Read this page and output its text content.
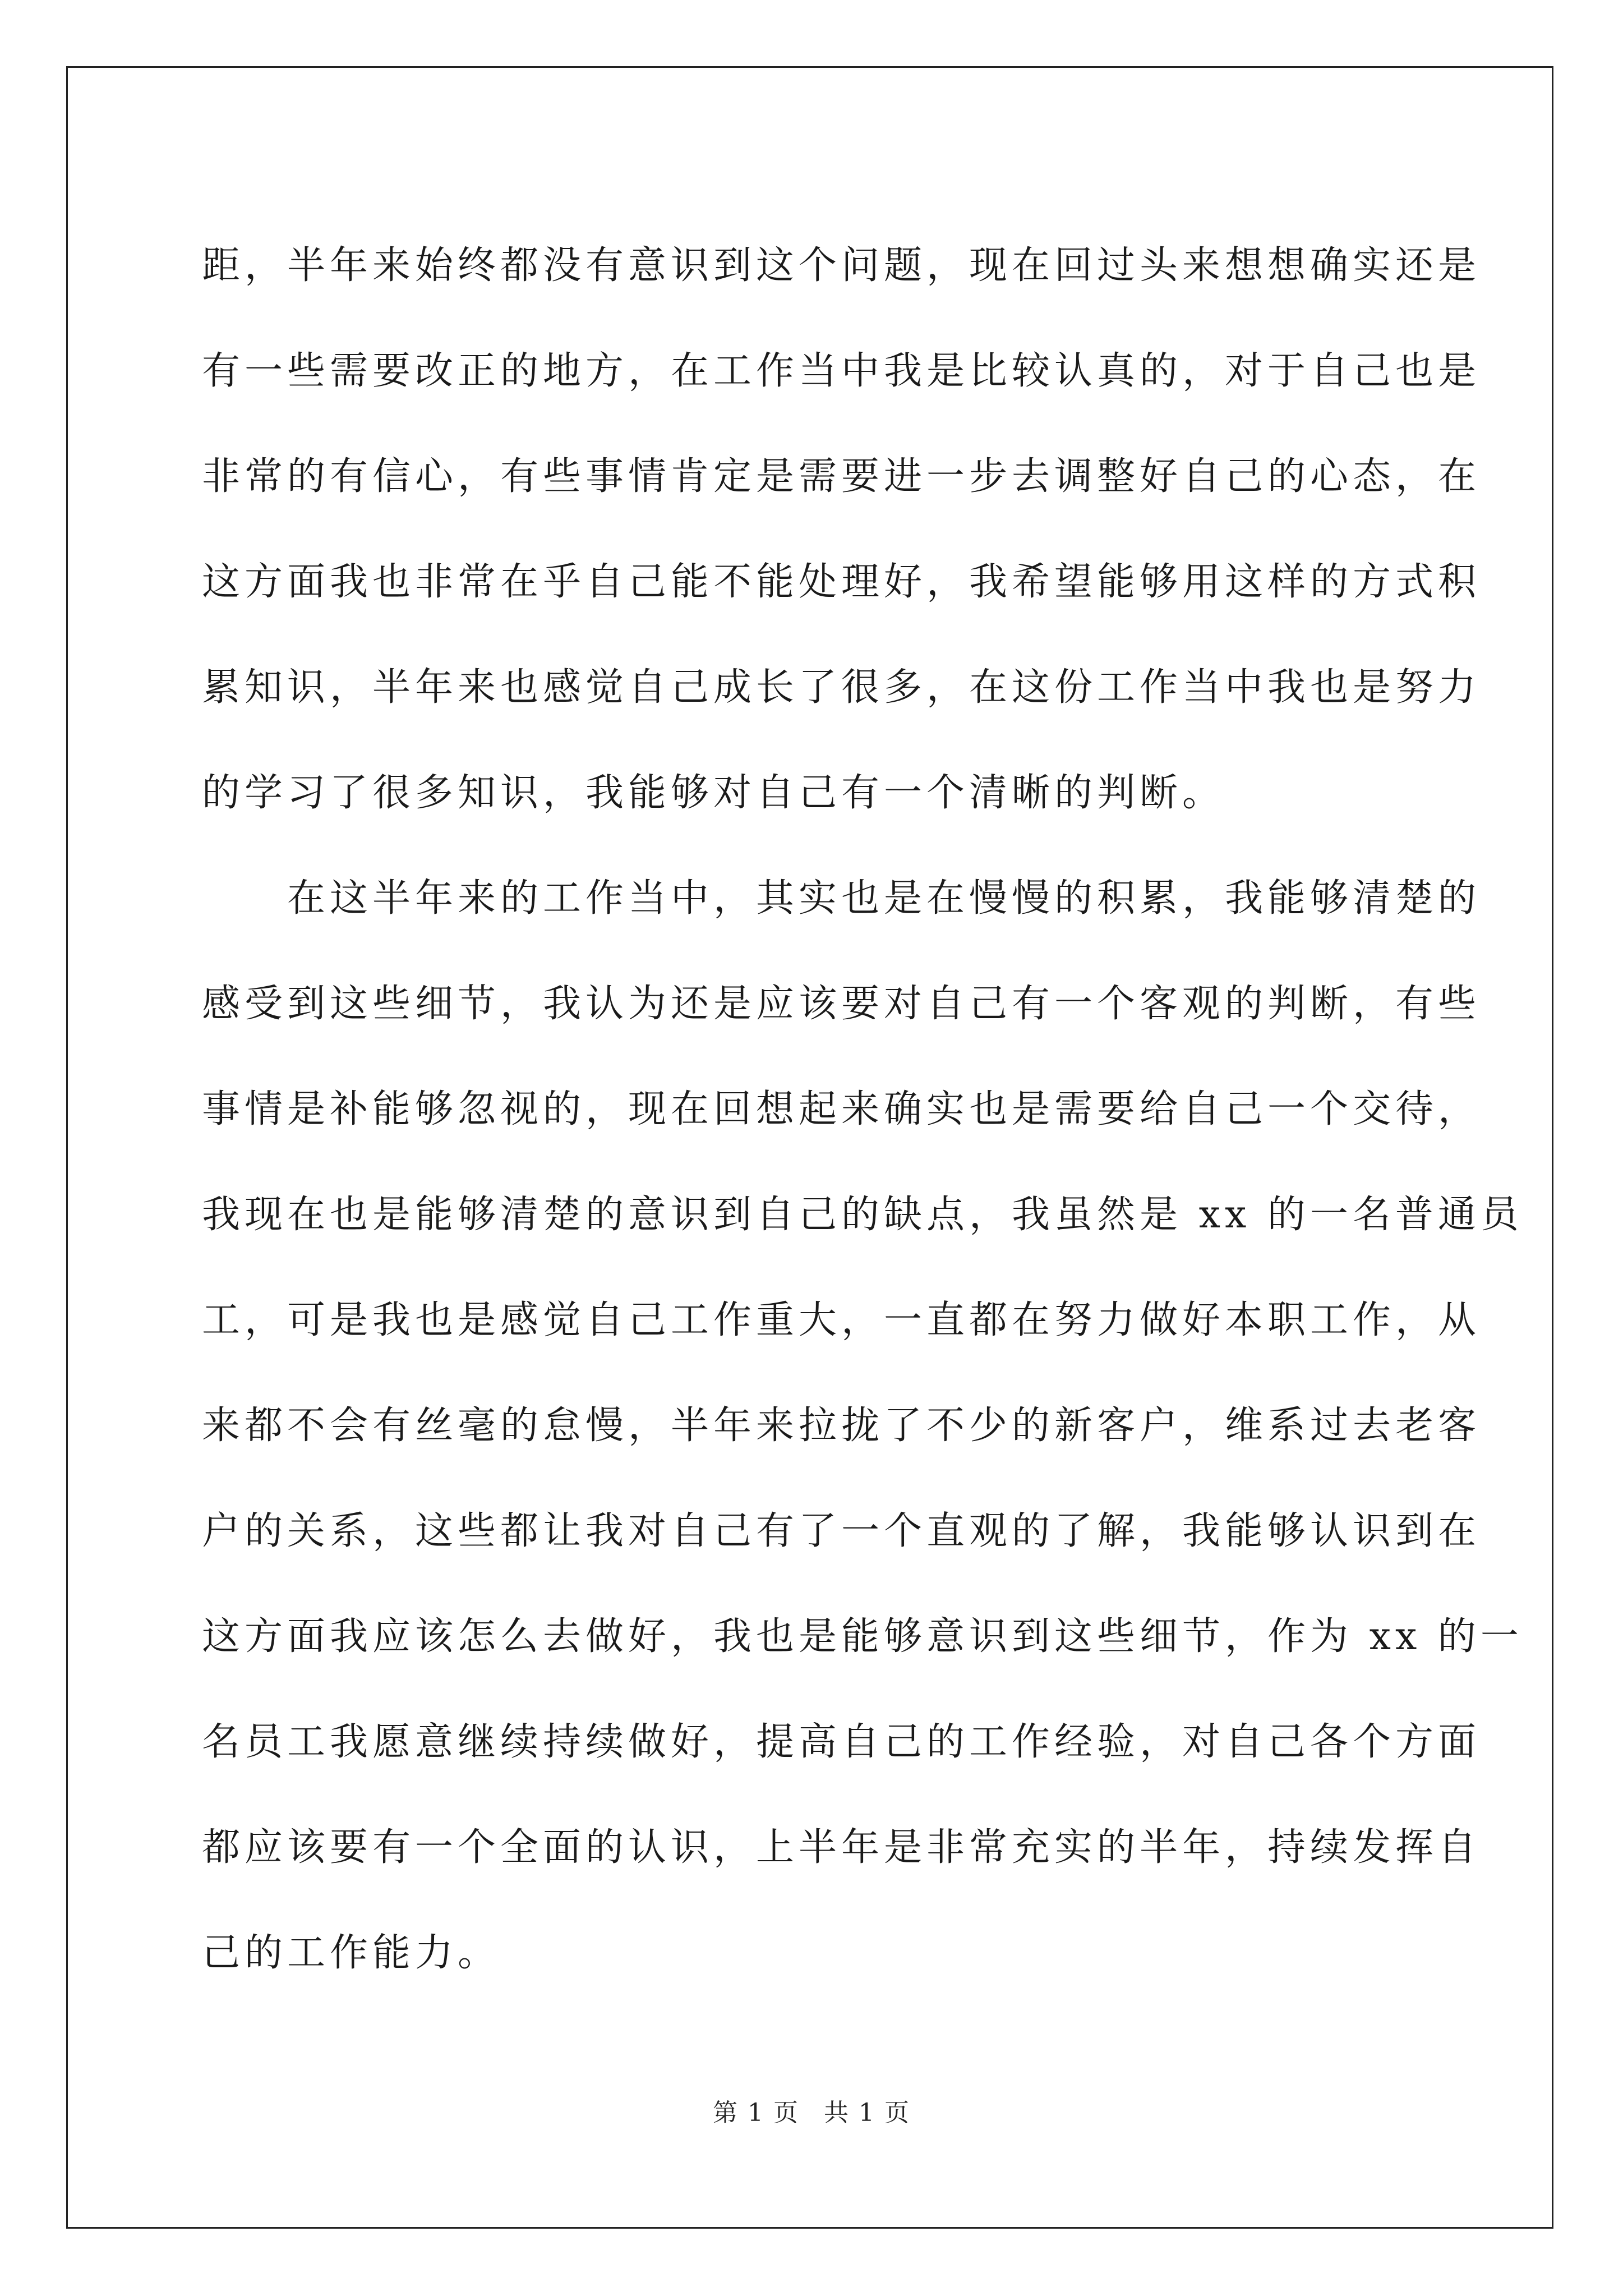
距，半年来始终都没有意识到这个问题，现在回过头来想想确实还是
有一些需要改正的地方，在工作当中我是比较认真的，对于自己也是
非常的有信心，有些事情肯定是需要进一步去调整好自己的心态，在
这方面我也非常在乎自己能不能处理好，我希望能够用这样的方式积
累知识，半年来也感觉自己成长了很多，在这份工作当中我也是努力
的学习了很多知识，我能够对自己有一个清晰的判断。
在这半年来的工作当中，其实也是在慢慢的积累，我能够清楚的
感受到这些细节，我认为还是应该要对自己有一个客观的判断，有些
事情是补能够忽视的，现在回想起来确实也是需要给自己一个交待，
我现在也是能够清楚的意识到自己的缺点，我虽然是 xx 的一名普通员
工，可是我也是感觉自己工作重大，一直都在努力做好本职工作，从
来都不会有丝毫的怠慢，半年来拉拢了不少的新客户，维系过去老客
户的关系，这些都让我对自己有了一个直观的了解，我能够认识到在
这方面我应该怎么去做好，我也是能够意识到这些细节，作为 xx 的一
名员工我愿意继续持续做好，提高自己的工作经验，对自己各个方面
都应该要有一个全面的认识，上半年是非常充实的半年，持续发挥自
己的工作能力。
第 1 页 共 1 页
